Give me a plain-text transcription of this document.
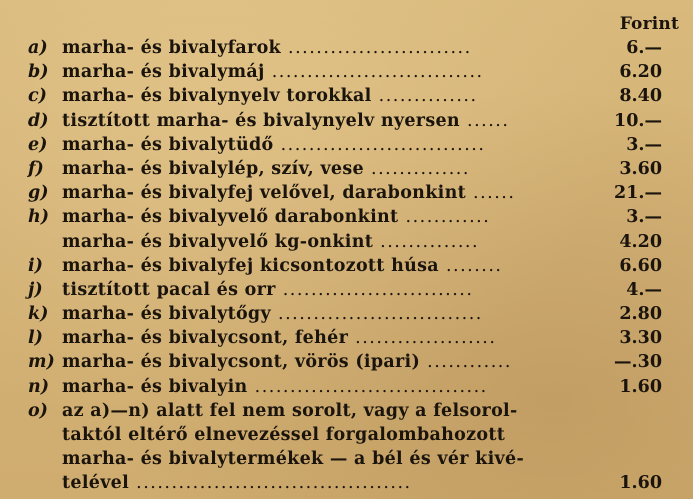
Forint
a) marha- és bivalyfarok ..........................	6.—
b) marha- és bivalymáj ..............................	6.20
c) marha- és bivalynyelv torokkal ..............	8.40
d) tisztított marha- és bivalynyelv nyersen ......	10.—
e) marha- és bivalytüdő .............................	3.—
f)	marha- és bivalylép, szív, vese ..............	3.60
g) marha- és bivalyfej velővel, darabonkint ......	21.—
h) marha- és bivalyvelő darabonkint ............	3.—
marha- és bivalyvelő kg-onkint ..............	4.20
i)	marha- és bivalyfej kicsontozott húsa ........	6.60
j)	tisztított pacal és orr ...........................	4.—
k) marha- és bivalytőgy .............................	2.80
l)	marha- és bivalycsont, fehér ....................	3.30
m) marha- és bivalycsont, vörös (ipari) ............	—.30
n) marha- és bivalyin .................................	1.60
o) az a)—n) alatt fel nem sorolt, vagy a felsorol-
taktól eltérő elnevezéssel forgalombahozott
marha- és bivalytermékek — a bél és vér kivé-
telével .......................................	1.60
